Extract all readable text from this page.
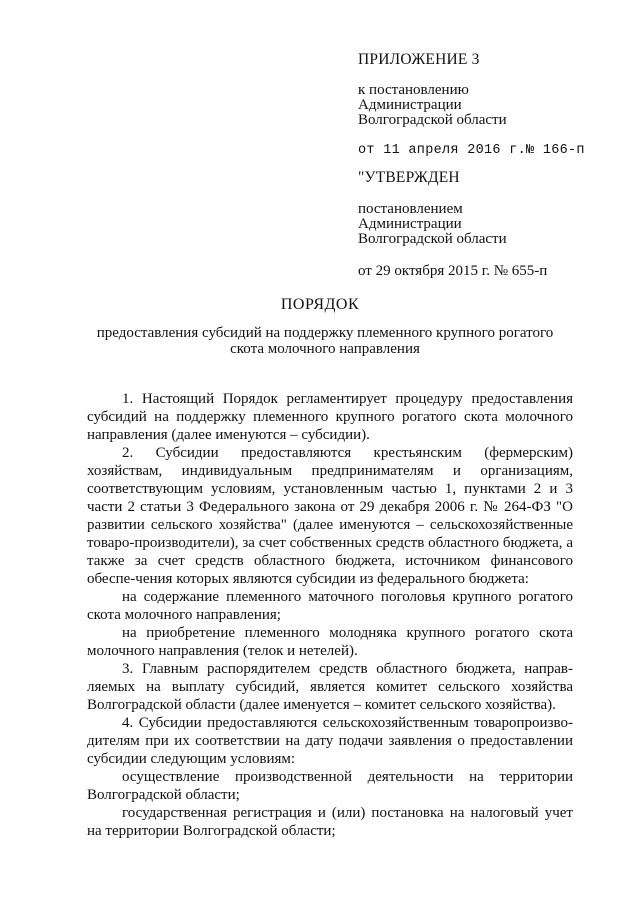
ПРИЛОЖЕНИЕ 3
к постановлению
Администрации
Волгоградской области
от 11 апреля 2016 г.№ 166-п
"УТВЕРЖДЕН
постановлением
Администрации
Волгоградской области
от 29 октября 2015 г. № 655-п
ПОРЯДОК
предоставления субсидий на поддержку племенного крупного рогатого скота молочного направления

1. Настоящий Порядок регламентирует процедуру предоставления субсидий на поддержку племенного крупного рогатого скота молочного направления (далее именуются – субсидии).

2. Субсидии предоставляются крестьянским (фермерским) хозяйствам, индивидуальным предпринимателям и организациям, соответствующим условиям, установленным частью 1, пунктами 2 и 3 части 2 статьи 3 Федерального закона от 29 декабря 2006 г. № 264-ФЗ "О развитии сельского хозяйства" (далее именуются – сельскохозяйственные товаро-производители), за счет собственных средств областного бюджета, а также за счет средств областного бюджета, источником финансового обеспе-чения которых являются субсидии из федерального бюджета:

на содержание племенного маточного поголовья крупного рогатого скота молочного направления;

на приобретение племенного молодняка крупного рогатого скота молочного направления (телок и нетелей).

3. Главным распорядителем средств областного бюджета, направ-ляемых на выплату субсидий, является комитет сельского хозяйства Волгоградской области (далее именуется – комитет сельского хозяйства).

4. Субсидии предоставляются сельскохозяйственным товаропроизво-дителям при их соответствии на дату подачи заявления о предоставлении субсидии следующим условиям:

осуществление производственной деятельности на территории Волгоградской области;

государственная регистрация и (или) постановка на налоговый учет на территории Волгоградской области;
